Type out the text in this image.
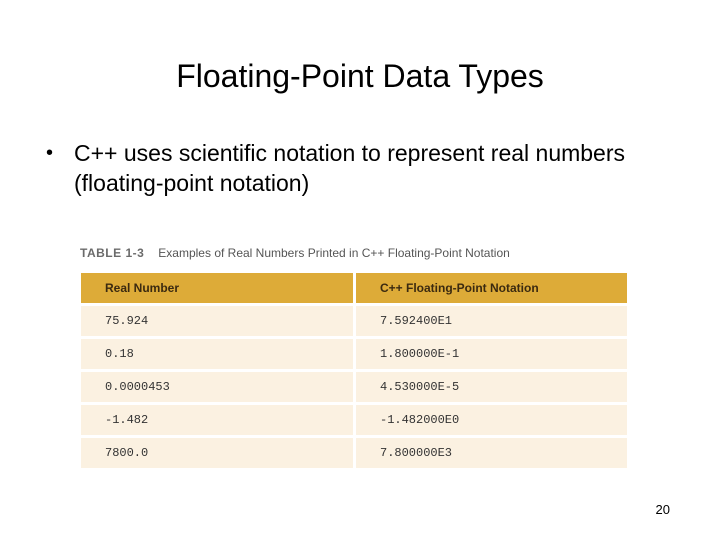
Floating-Point Data Types
• C++ uses scientific notation to represent real numbers (floating-point notation)
TABLE 1-3 Examples of Real Numbers Printed in C++ Floating-Point Notation
Real Number	C++ Floating-Point Notation
75.924	7.592400E1
0.18	1.800000E-1
0.0000453	4.530000E-5
-1.482	-1.482000E0
7800.0	7.800000E3
20
